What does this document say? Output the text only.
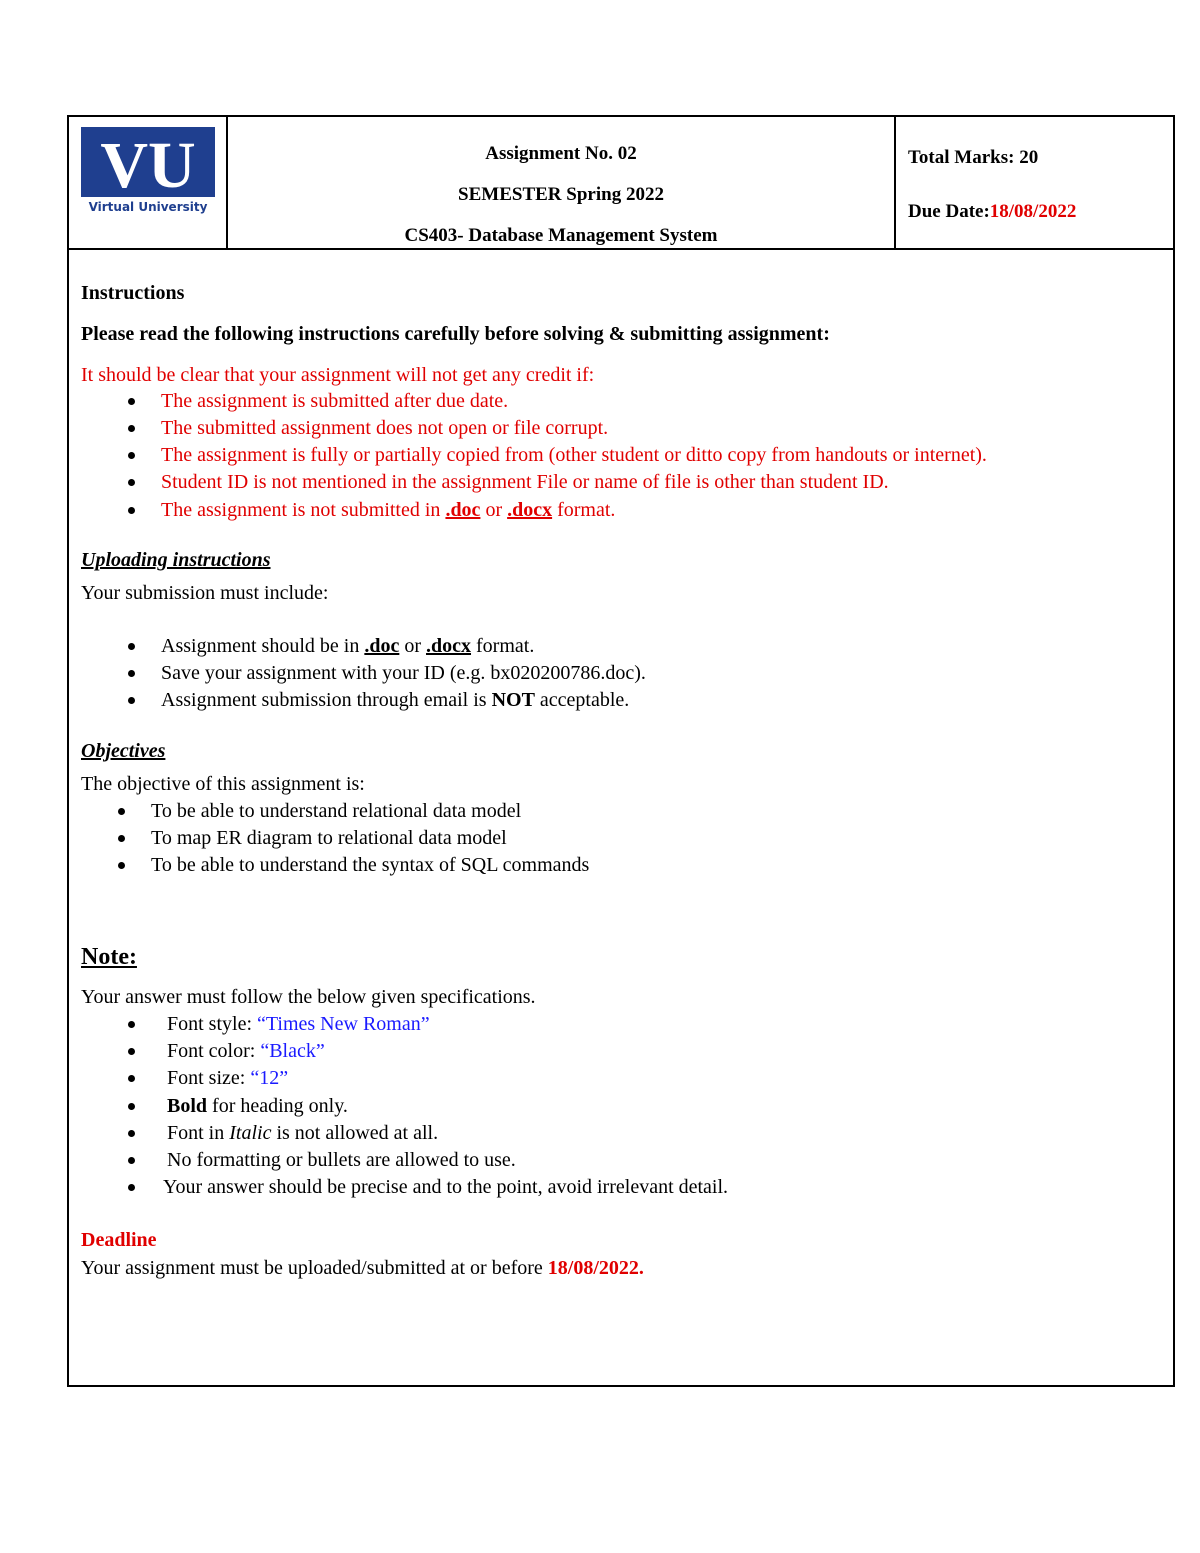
VU
Virtual University
Assignment No. 02
SEMESTER Spring 2022
CS403- Database Management System
Total Marks: 20
Due Date:18/08/2022
Instructions
Please read the following instructions carefully before solving & submitting assignment:
It should be clear that your assignment will not get any credit if:
The assignment is submitted after due date.
The submitted assignment does not open or file corrupt.
The assignment is fully or partially copied from (other student or ditto copy from handouts or internet).
Student ID is not mentioned in the assignment File or name of file is other than student ID.
The assignment is not submitted in .doc or .docx format.
Uploading instructions
Your submission must include:
Assignment should be in .doc or .docx format.
Save your assignment with your ID (e.g. bx020200786.doc).
Assignment submission through email is NOT acceptable.
Objectives
The objective of this assignment is:
To be able to understand relational data model
To map ER diagram to relational data model
To be able to understand the syntax of SQL commands
Note:
Your answer must follow the below given specifications.
Font style: “Times New Roman”
Font color: “Black”
Font size: “12”
Bold for heading only.
Font in Italic is not allowed at all.
No formatting or bullets are allowed to use.
Your answer should be precise and to the point, avoid irrelevant detail.
Deadline
Your assignment must be uploaded/submitted at or before 18/08/2022.
